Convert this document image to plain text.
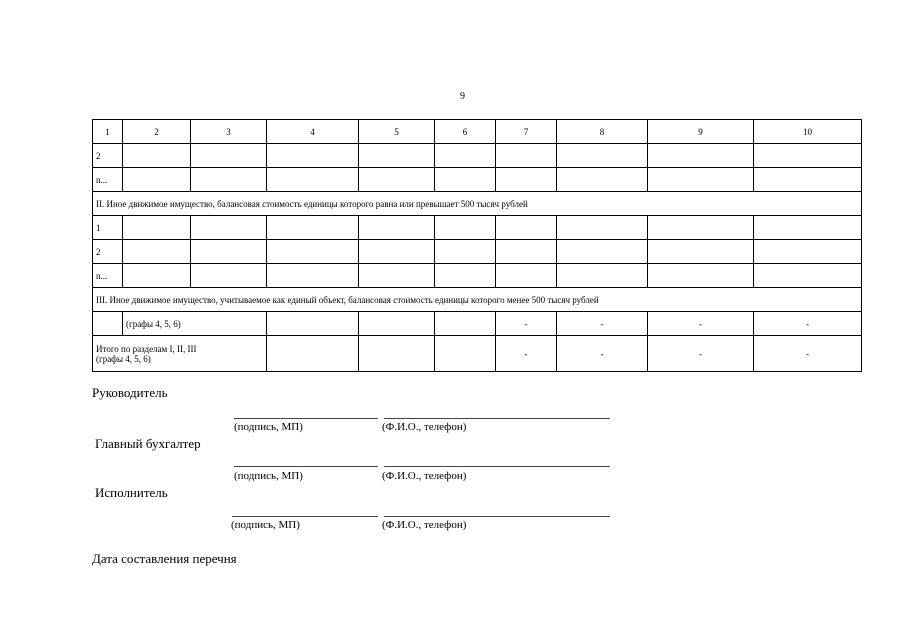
9
1	2	3	4	5	6	7	8	9	10
2									
n...									
II. Иное движимое имущество, балансовая стоимость единицы которого равна или превышает 500 тысяч рублей									
1									
2									
n...									
III. Иное движимое имущество, учитываемое как единый объект, балансовая стоимость единицы которого менее 500 тысяч рублей									
	(графы 4, 5, 6)					-	-	-	-

Итого по разделам I, II, III
(графы 4, 5, 6)						-	-	-	-
Руководитель
(подпись, МП)	(Ф.И.О., телефон)
Главный бухгалтер
(подпись, МП)	(Ф.И.О., телефон)
Исполнитель
(подпись, МП)	(Ф.И.О., телефон)
Дата составления перечня
